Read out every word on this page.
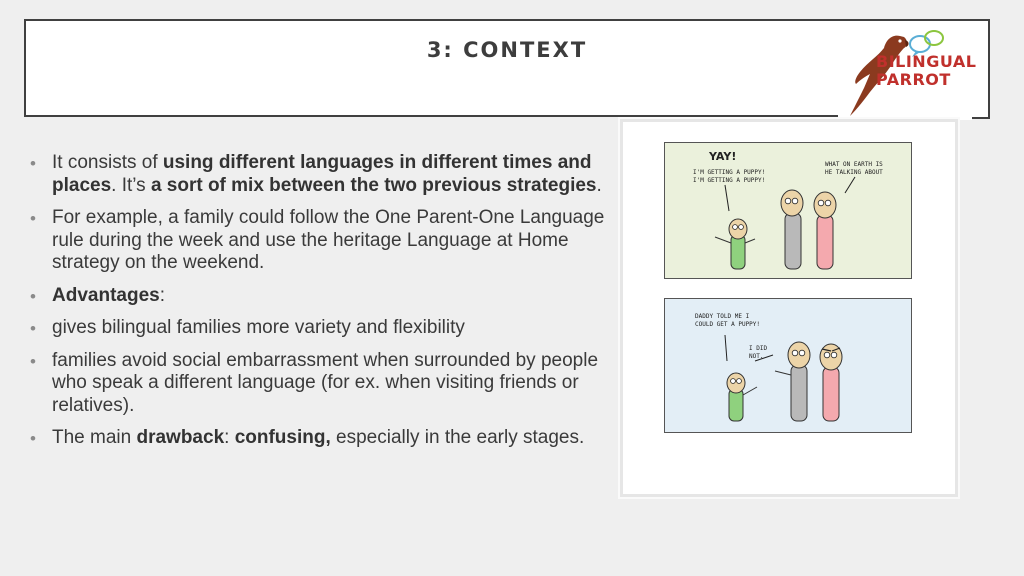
3: CONTEXT	BILINGUAL
PARROT
• It consists of using different languages in different times and places. It’s a sort of mix between the two previous strategies.
• For example, a family could follow the One Parent-One Language rule during the week and use the heritage Language at Home strategy on the weekend.
• Advantages:
• gives bilingual families more variety and flexibility
• families avoid social embarrassment when surrounded by people who speak a different language (for ex. when visiting friends or relatives).
• The main drawback: confusing, especially in the early stages.
YAY!
I'M GETTING A PUPPY!
I'M GETTING A PUPPY!
WHAT ON EARTH IS
HE TALKING ABOUT
DADDY TOLD ME I
COULD GET A PUPPY!
I DID
NOT.
